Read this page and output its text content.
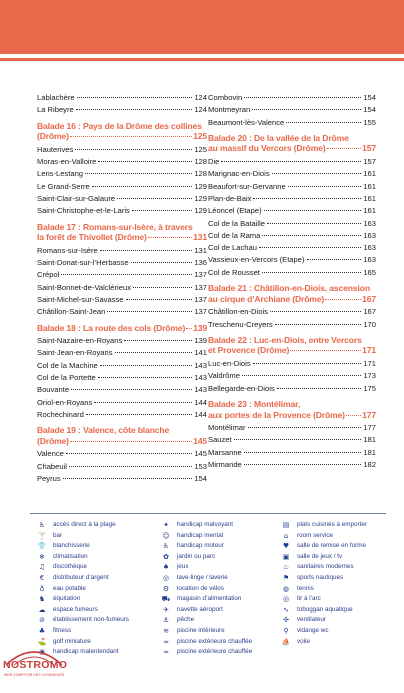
Lablachère	124
La Ribeyre	124
Balade 16 : Pays de la Drôme des collines
(Drôme)	125
Hauterives	125
Moras-en-Valloire	128
Lens-Lestang	128
Le Grand-Serre	129
Saint-Clair-sur-Galaure	129
Saint-Christophe-et-le-Laris	129
Balade 17 : Romans-sur-Isère, à travers
la forêt de Thivollet (Drôme)	131
Romans-sur-Isère	131
Saint-Donat-sur-l’Herbasse	136
Crépol	137
Saint-Bonnet-de-Valclérieux	137
Saint-Michel-sur-Savasse	137
Châtillon-Saint-Jean	137
Balade 18 : La route des cols (Drôme) 139
Saint-Nazaire-en-Royans	139
Saint-Jean-en-Royans	141
Col de la Machine	143
Col de la Portette	143
Bouvante	143
Oriol-en-Royans	144
Rochechinard	144
Balade 19 : Valence, côte blanche
(Drôme)	145
Valence	145
Chabeuil	153
Peyrus	154
Combovin	154
Montmeyran	154
Beaumont-lès-Valence	155
Balade 20 : De la vallée de la Drôme
au massif du Vercors (Drôme)	157
Die	157
Marignac-en-Diois	161
Beaufort-sur-Gervanne	161
Plan-de-Baix	161
Léoncel (Etape)	161
Col de la Bataille	163
Col de la Rama	163
Col de Lachau	163
Vassieux-en-Vercors (Etape)	163
Col de Rousset	165
Balade 21 : Châtillon-en-Diois, ascension
au cirque d’Archiane (Drôme)	167
Châtillon-en-Diois	167
Treschenu-Creyers	170
Balade 22 : Luc-en-Diois, entre Vercors
et Provence (Drôme)	171
Luc-en-Diois	171
Valdrôme	173
Bellegarde-en-Diois	175
Balade 23 : Montélimar,
aux portes de la Provence (Drôme) 177
Montélimar	177
Sauzet	181
Marsanne	181
Mirmande	182
♿	accès direct à la plage
🍸 bar
👕 blanchisserie
❄	climatisation
♫	discothèque
€	distributeur d’argent
♁	eau potable
♞	équitation
☁	espace fumeurs
⊘	établissement non-fumeurs
♣	fitness
⛳ golf miniature
◉	handicap malentendant
✦	handicap malvoyant
☺	handicap mental
♿	handicap moteur
✿	jardin ou parc
♠	jeux
◎	lave-linge / laverie
⚙	location de vélos
⛟ magasin d’alimentation
✈	navette aéroport
⚓	pêche
≋	piscine intérieure
≈	piscine extérieure chauffée
≈	piscine extérieure chauffée
▤	plats cuisinés à emporter
⌂	room service
♥	salle de remise en forme
▣	salle de jeux / tv
♨	sanitaires modernes
⚑	sports nautiques
◍	tennis
◎	tir à l’arc
∿	toboggan aquatique
✣	ventilateur
⚲	vidange wc
⛵ voile
NOSTROMO
WEB COMPTOIR DES VOYAGEURS
